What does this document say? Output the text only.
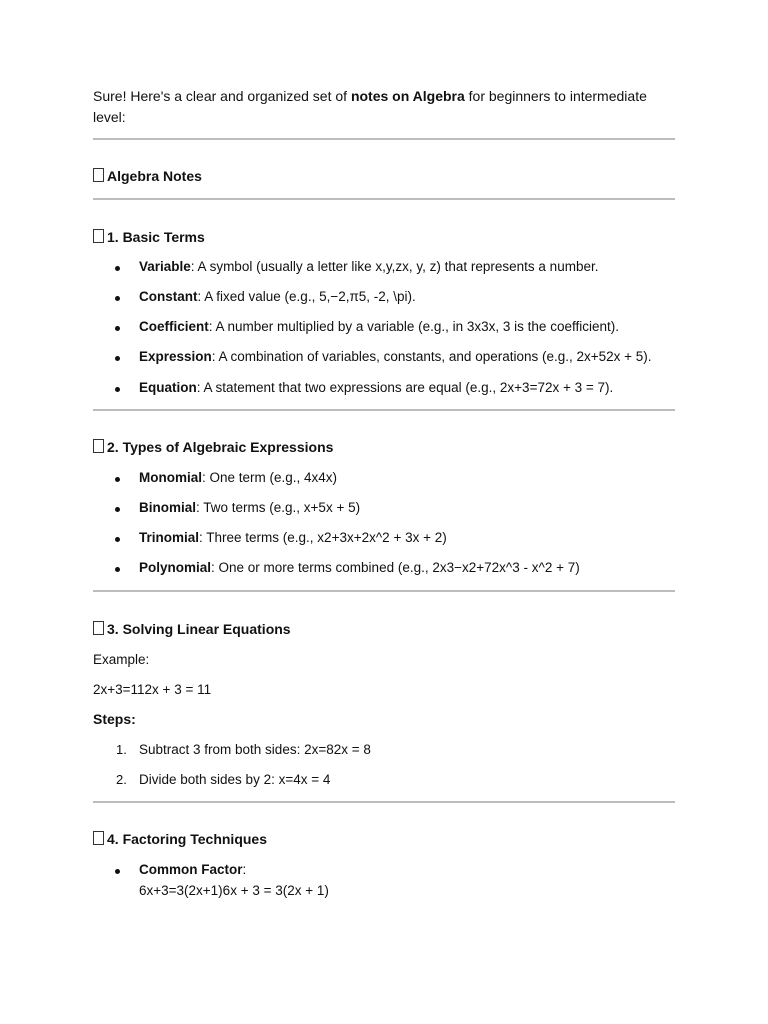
Sure! Here's a clear and organized set of notes on Algebra for beginners to intermediate level:
Algebra Notes
1. Basic Terms
Variable: A symbol (usually a letter like x,y,zx, y, z) that represents a number.
Constant: A fixed value (e.g., 5,−2,π5, -2, \pi).
Coefficient: A number multiplied by a variable (e.g., in 3x3x, 3 is the coefficient).
Expression: A combination of variables, constants, and operations (e.g., 2x+52x + 5).
Equation: A statement that two expressions are equal (e.g., 2x+3=72x + 3 = 7).
2. Types of Algebraic Expressions
Monomial: One term (e.g., 4x4x)
Binomial: Two terms (e.g., x+5x + 5)
Trinomial: Three terms (e.g., x2+3x+2x^2 + 3x + 2)
Polynomial: One or more terms combined (e.g., 2x3−x2+72x^3 - x^2 + 7)
3. Solving Linear Equations
Example:
2x+3=112x + 3 = 11
Steps:
1. Subtract 3 from both sides: 2x=82x = 8
2. Divide both sides by 2: x=4x = 4
4. Factoring Techniques
Common Factor:
6x+3=3(2x+1)6x + 3 = 3(2x + 1)
